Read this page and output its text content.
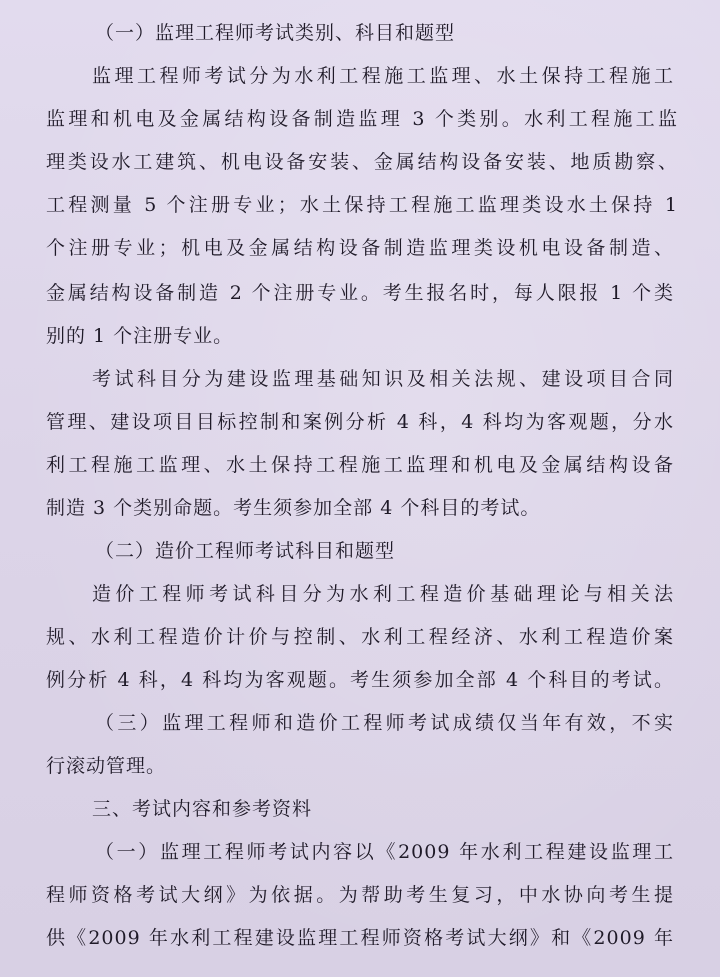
（一）监理工程师考试类别、科目和题型
监理工程师考试分为水利工程施工监理、水土保持工程施工
监理和机电及金属结构设备制造监理 3 个类别。水利工程施工监
理类设水工建筑、机电设备安装、金属结构设备安装、地质勘察、
工程测量 5 个注册专业；水土保持工程施工监理类设水土保持 1
个注册专业；机电及金属结构设备制造监理类设机电设备制造、
金属结构设备制造 2 个注册专业。考生报名时，每人限报 1 个类
别的 1 个注册专业。
考试科目分为建设监理基础知识及相关法规、建设项目合同
管理、建设项目目标控制和案例分析 4 科，4 科均为客观题，分水
利工程施工监理、水土保持工程施工监理和机电及金属结构设备
制造 3 个类别命题。考生须参加全部 4 个科目的考试。
（二）造价工程师考试科目和题型
造价工程师考试科目分为水利工程造价基础理论与相关法
规、水利工程造价计价与控制、水利工程经济、水利工程造价案
例分析 4 科，4 科均为客观题。考生须参加全部 4 个科目的考试。
（三）监理工程师和造价工程师考试成绩仅当年有效，不实
行滚动管理。
三、考试内容和参考资料
（一）监理工程师考试内容以《2009 年水利工程建设监理工
程师资格考试大纲》为依据。为帮助考生复习，中水协向考生提
供《2009 年水利工程建设监理工程师资格考试大纲》和《2009 年
